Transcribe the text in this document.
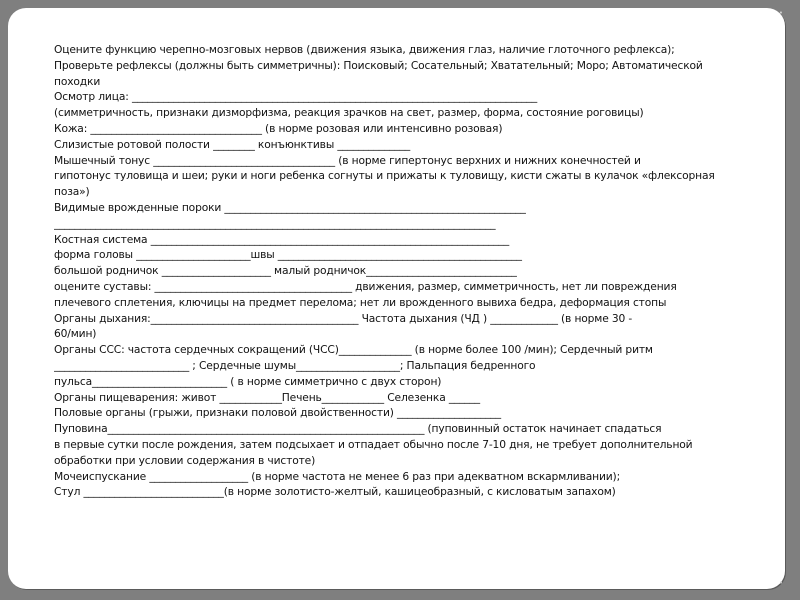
•
•
Оцените функцию черепно-мозговых нервов (движения языка, движения глаз, наличие глоточного рефлекса);
Проверьте рефлексы (должны быть симметричны): Поисковый; Сосательный; Хватательный; Моро; Автоматической
походки
Осмотр лица: ______________________________________________________________________________
(симметричность, признаки дизморфизма, реакция зрачков на свет, размер, форма, состояние роговицы)
Кожа: _________________________________ (в норме розовая или интенсивно розовая)
Слизистые ротовой полости ________ конъюнктивы ______________
Мышечный тонус ___________________________________ (в норме гипертонус верхних и нижних конечностей и
гипотонус туловища и шеи; руки и ноги ребенка согнуты и прижаты к туловищу, кисти сжаты в кулачок «флексорная
поза»)
Видимые врожденные пороки __________________________________________________________
_____________________________________________________________________________________
Костная система _____________________________________________________________________
форма головы ______________________швы _______________________________________________
большой родничок _____________________ малый родничок_____________________________
оцените суставы: ______________________________________ движения, размер, симметричность, нет ли повреждения
плечевого сплетения, ключицы на предмет перелома; нет ли врожденного вывиха бедра, деформация стопы
Органы дыхания:________________________________________ Частота дыхания (ЧД ) _____________ (в норме 30 -
60/мин)
Органы ССС: частота сердечных сокращений (ЧСС)______________ (в норме более 100 /мин); Сердечный ритм
__________________________ ; Сердечные шумы____________________; Пальпация бедренного
пульса__________________________ ( в норме симметрично с двух сторон)
Органы пищеварения: живот ____________Печень____________ Селезенка ______
Половые органы (грыжи, признаки половой двойственности) ____________________
Пуповина_____________________________________________________________ (пуповинный остаток начинает спадаться
в первые сутки после рождения, затем подсыхает и отпадает обычно после 7-10 дня, не требует дополнительной
обработки при условии содержания в чистоте)
Мочеиспускание ___________________ (в норме частота не менее 6 раз при адекватном вскармливании);
Стул ___________________________(в норме золотисто-желтый, кашицеобразный, с кисловатым запахом)
